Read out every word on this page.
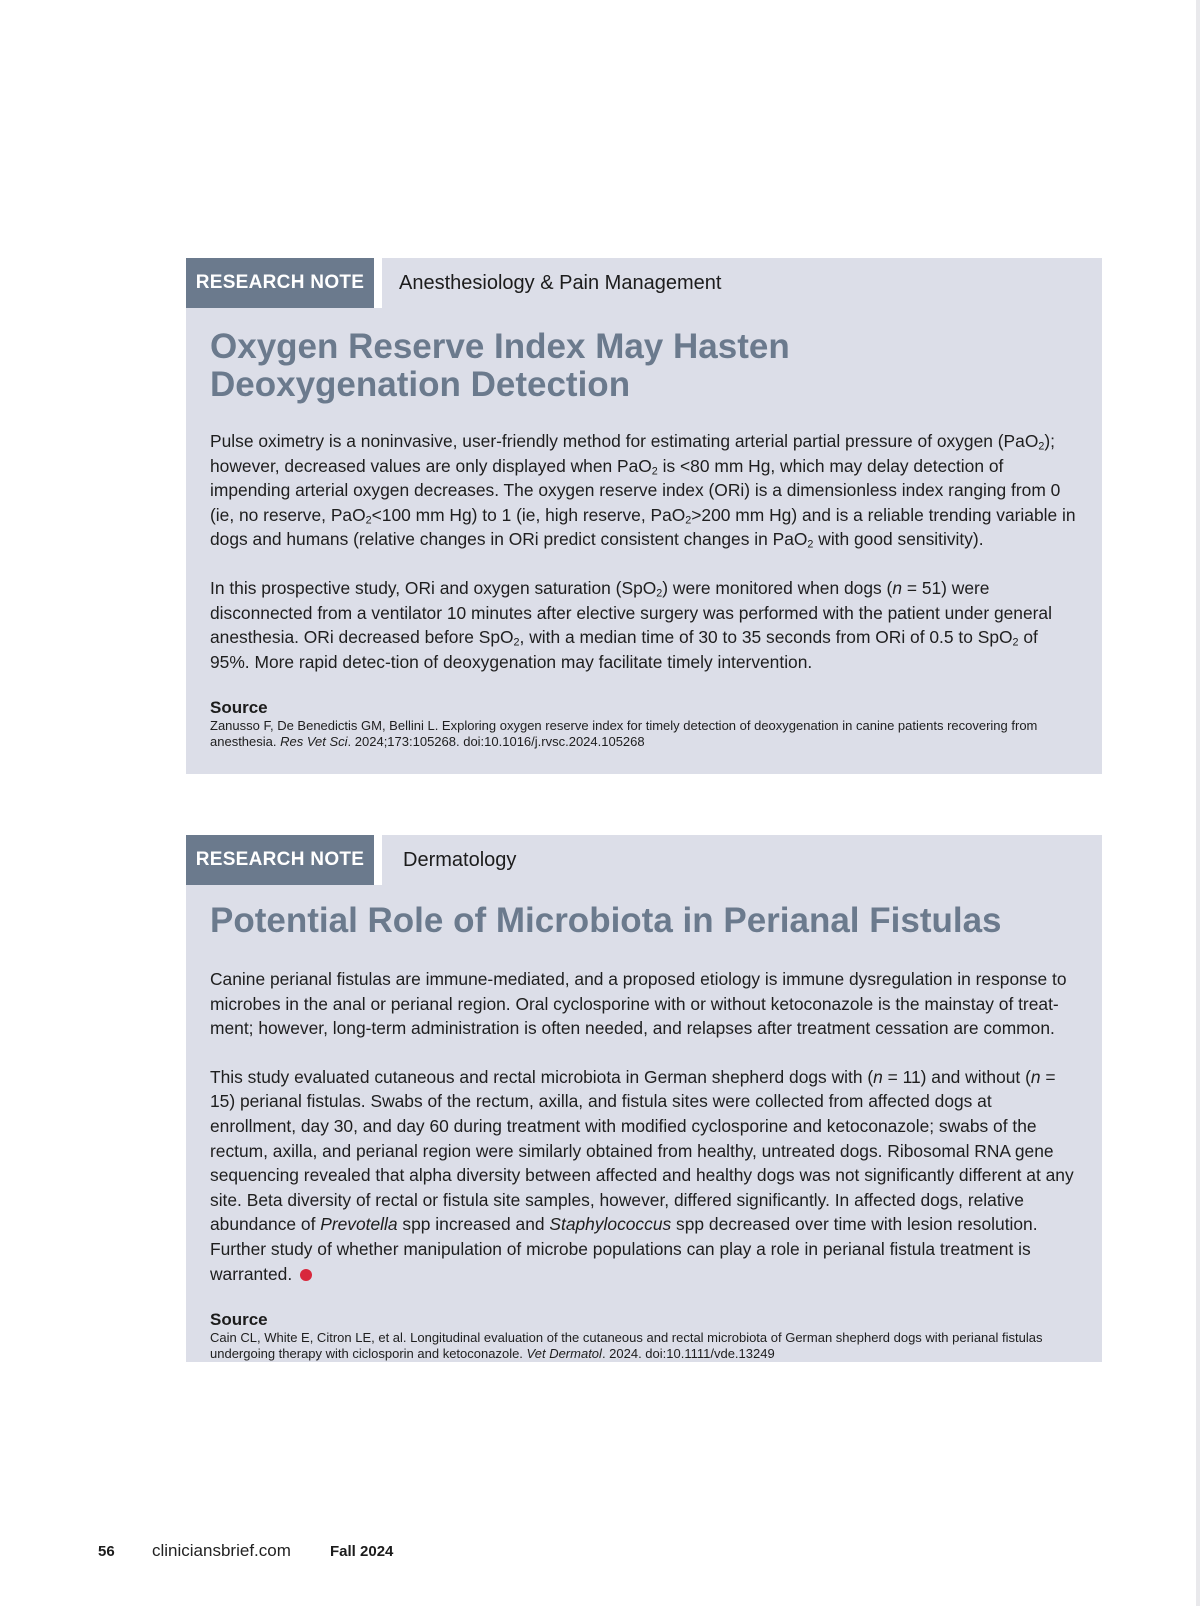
RESEARCH NOTE	Anesthesiology & Pain Management
Oxygen Reserve Index May Hasten
Deoxygenation Detection

Pulse oximetry is a noninvasive, user-friendly method for estimating arterial partial pressure of oxygen (PaO$_2$); however, decreased values are only displayed when PaO$_2$ is <80 mm Hg, which may delay detection of impending arterial oxygen decreases. The oxygen reserve index (ORi) is a dimensionless index ranging from 0 (ie, no reserve, PaO$_2$<100 mm Hg) to 1 (ie, high reserve, PaO$_2$>200 mm Hg) and is a reliable trending variable in dogs and humans (relative changes in ORi predict consistent changes in PaO$_2$ with good sensitivity).

In this prospective study, ORi and oxygen saturation (SpO$_2$) were monitored when dogs (n = 51) were disconnected from a ventilator 10 minutes after elective surgery was performed with the patient under general anesthesia. ORi decreased before SpO$_2$, with a median time of 30 to 35 seconds from ORi of 0.5 to SpO$_2$ of 95%. More rapid detec-tion of deoxygenation may facilitate timely intervention.

Source
Zanusso F, De Benedictis GM, Bellini L. Exploring oxygen reserve index for timely detection of deoxygenation in canine patients recovering from anesthesia. Res Vet Sci. 2024;173:105268. doi:10.1016/j.rvsc.2024.105268
RESEARCH NOTE	Dermatology
Potential Role of Microbiota in Perianal Fistulas

Canine perianal fistulas are immune-mediated, and a proposed etiology is immune dysregulation in response to microbes in the anal or perianal region. Oral cyclosporine with or without ketoconazole is the mainstay of treat-ment; however, long-term administration is often needed, and relapses after treatment cessation are common.

This study evaluated cutaneous and rectal microbiota in German shepherd dogs with (n = 11) and without (n = 15) perianal fistulas. Swabs of the rectum, axilla, and fistula sites were collected from affected dogs at enrollment, day 30, and day 60 during treatment with modified cyclosporine and ketoconazole; swabs of the rectum, axilla, and perianal region were similarly obtained from healthy, untreated dogs. Ribosomal RNA gene sequencing revealed that alpha diversity between affected and healthy dogs was not significantly different at any site. Beta diversity of rectal or fistula site samples, however, differed significantly. In affected dogs, relative abundance of Prevotella spp increased and Staphylococcus spp decreased over time with lesion resolution. Further study of whether manipulation of microbe populations can play a role in perianal fistula treatment is warranted.

Source
Cain CL, White E, Citron LE, et al. Longitudinal evaluation of the cutaneous and rectal microbiota of German shepherd dogs with perianal fistulas undergoing therapy with ciclosporin and ketoconazole. Vet Dermatol. 2024. doi:10.1111/vde.13249
56 cliniciansbrief.com	Fall 2024
